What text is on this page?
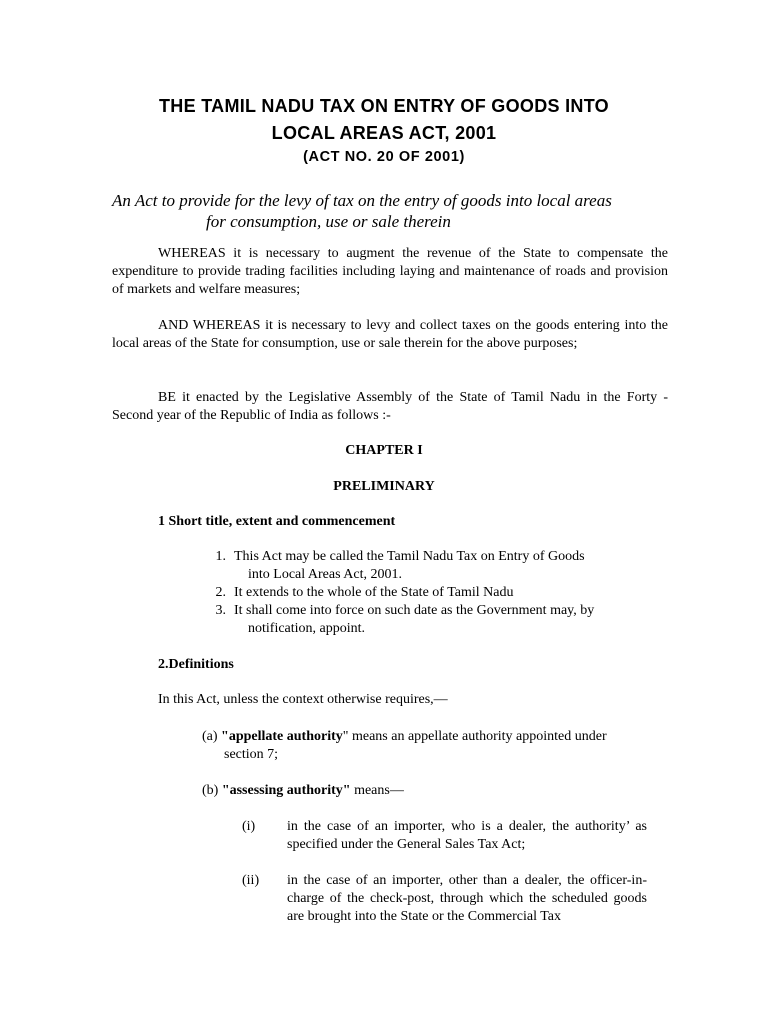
THE TAMIL NADU TAX ON ENTRY OF GOODS INTO
LOCAL AREAS ACT, 2001
(ACT NO. 20 OF 2001)

An Act to provide for the levy of tax on the entry of goods into local areas
for consumption, use or sale therein

WHEREAS it is necessary to augment the revenue of the State to compensate the expenditure to provide trading facilities including laying and maintenance of roads and provision of markets and welfare measures;

AND WHEREAS it is necessary to levy and collect taxes on the goods entering into the local areas of the State for consumption, use or sale therein for the above purposes;

BE it enacted by the Legislative Assembly of the State of Tamil Nadu in the Forty - Second year of the Republic of India as follows :-

CHAPTER I
PRELIMINARY
1 Short title, extent and commencement
1. This Act may be called the Tamil Nadu Tax on Entry of Goods
into Local Areas Act, 2001.
2. It extends to the whole of the State of Tamil Nadu
3. It shall come into force on such date as the Government may, by
notification, appoint.
2.Definitions
In this Act, unless the context otherwise requires,—

(a) "appellate authority" means an appellate authority appointed under
section 7;

(b) "assessing authority" means—

(i) in the case of an importer, who is a dealer, the authority’ as specified under the General Sales Tax Act;
(ii) in the case of an importer, other than a dealer, the officer-in-charge of the check-post, through which the scheduled goods are brought into the State or the Commercial Tax
